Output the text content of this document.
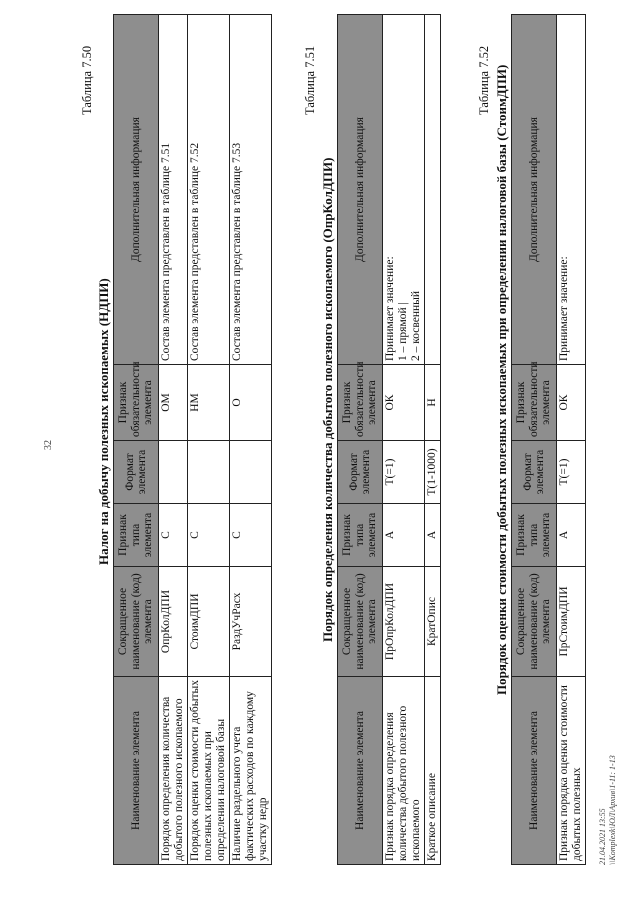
32
Таблица 7.50
Налог на добычу полезных ископаемых (НДПИ)
Наименование элемента	Сокращенное наименование (код) элемента	Признак типа элемента	Формат элемента	Признак обязательности элемента	Дополнительная информация
Порядок определения количества добытого полезного ископаемого	ОпрКолДПИ	С		ОМ	Состав элемента представлен в таблице 7.51
Порядок оценки стоимости добытых полезных ископаемых при определении налоговой базы	СтоимДПИ	С		НМ	Состав элемента представлен в таблице 7.52
Наличие раздельного учета фактических расходов по каждому участку недр	РаздУчРасх	С		О	Состав элемента представлен в таблице 7.53
Таблица 7.51
Порядок определения количества добытого полезного ископаемого (ОпрКолДПИ)
Наименование элемента	Сокращенное наименование (код) элемента	Признак типа элемента	Формат элемента	Признак обязательности элемента	Дополнительная информация
Признак порядка определения количества добытого полезного ископаемого	ПрОпрКолДПИ	А	T(=1)	ОК	Принимает значение:
1 – прямой |
2 – косвенный
Краткое описание	КратОпис	А	T(1-1000)	Н	
Таблица 7.52 Порядок оценки стоимости добытых полезных ископаемых при определении налоговой базы (СтоимДПИ)
Наименование элемента	Сокращенное наименование (код) элемента	Признак типа элемента	Формат элемента	Признак обязательности элемента	Дополнительная информация
Признак порядка оценки стоимости добытых полезных	ПрСтоимДПИ	А	T(=1)	ОК	Принимает значение:
21.04.2021 13:55 \\Komplexk\ЮЛ\Архив\1-11: 1-13
